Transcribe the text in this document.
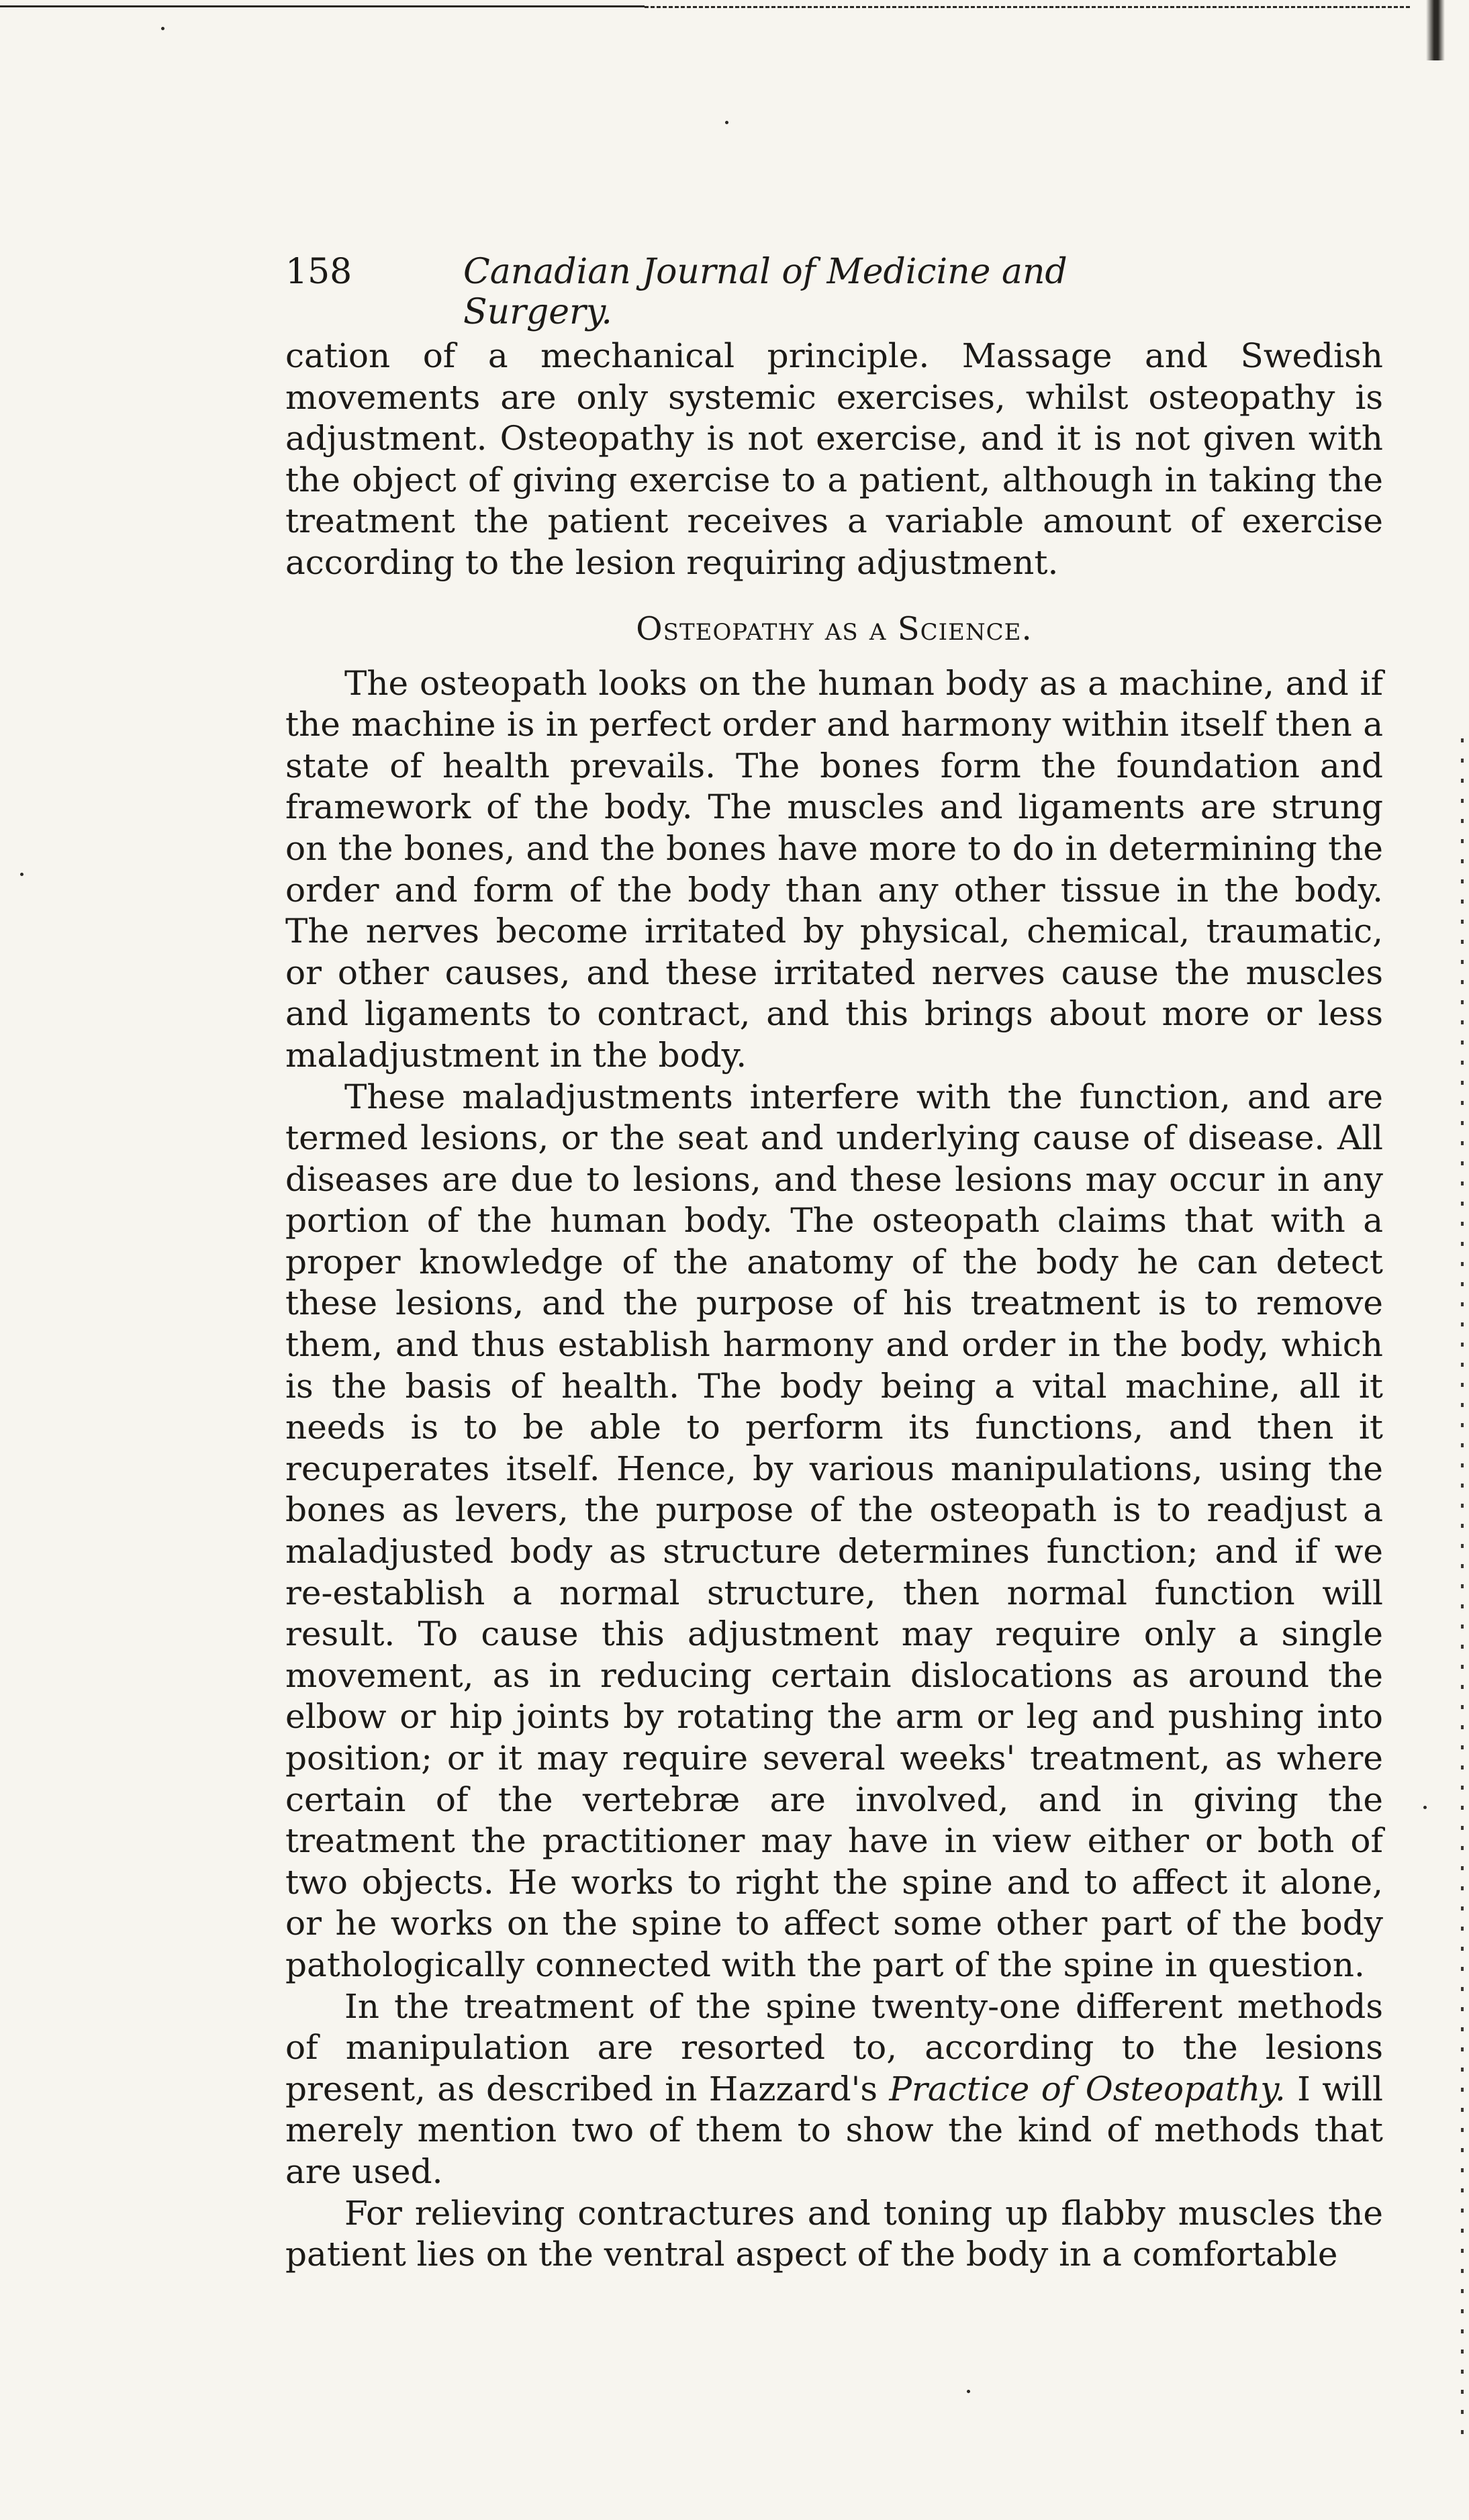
158	Canadian Journal of Medicine and Surgery.

cation of a mechanical principle. Massage and Swedish movements are only systemic exercises, whilst osteopathy is adjustment. Osteopathy is not exercise, and it is not given with the object of giving exercise to a patient, although in taking the treatment the patient receives a variable amount of exercise according to the lesion requiring adjustment.

Osteopathy as a Science.

The osteopath looks on the human body as a machine, and if the machine is in perfect order and harmony within itself then a state of health prevails. The bones form the foundation and framework of the body. The muscles and ligaments are strung on the bones, and the bones have more to do in determining the order and form of the body than any other tissue in the body. The nerves become irritated by physical, chemical, traumatic, or other causes, and these irritated nerves cause the muscles and ligaments to contract, and this brings about more or less maladjustment in the body.

These maladjustments interfere with the function, and are termed lesions, or the seat and underlying cause of disease. All diseases are due to lesions, and these lesions may occur in any portion of the human body. The osteopath claims that with a proper knowledge of the anatomy of the body he can detect these lesions, and the purpose of his treatment is to remove them, and thus establish harmony and order in the body, which is the basis of health. The body being a vital machine, all it needs is to be able to perform its functions, and then it recuperates itself. Hence, by various manipulations, using the bones as levers, the purpose of the osteopath is to readjust a maladjusted body as structure determines function; and if we re-establish a normal structure, then normal function will result. To cause this adjustment may require only a single movement, as in reducing certain dislocations as around the elbow or hip joints by rotating the arm or leg and pushing into position; or it may require several weeks' treatment, as where certain of the vertebræ are involved, and in giving the treatment the practitioner may have in view either or both of two objects. He works to right the spine and to affect it alone, or he works on the spine to affect some other part of the body pathologically connected with the part of the spine in question.

In the treatment of the spine twenty-one different methods of manipulation are resorted to, according to the lesions present, as described in Hazzard's Practice of Osteopathy. I will merely mention two of them to show the kind of methods that are used.

For relieving contractures and toning up flabby muscles the patient lies on the ventral aspect of the body in a comfortable
